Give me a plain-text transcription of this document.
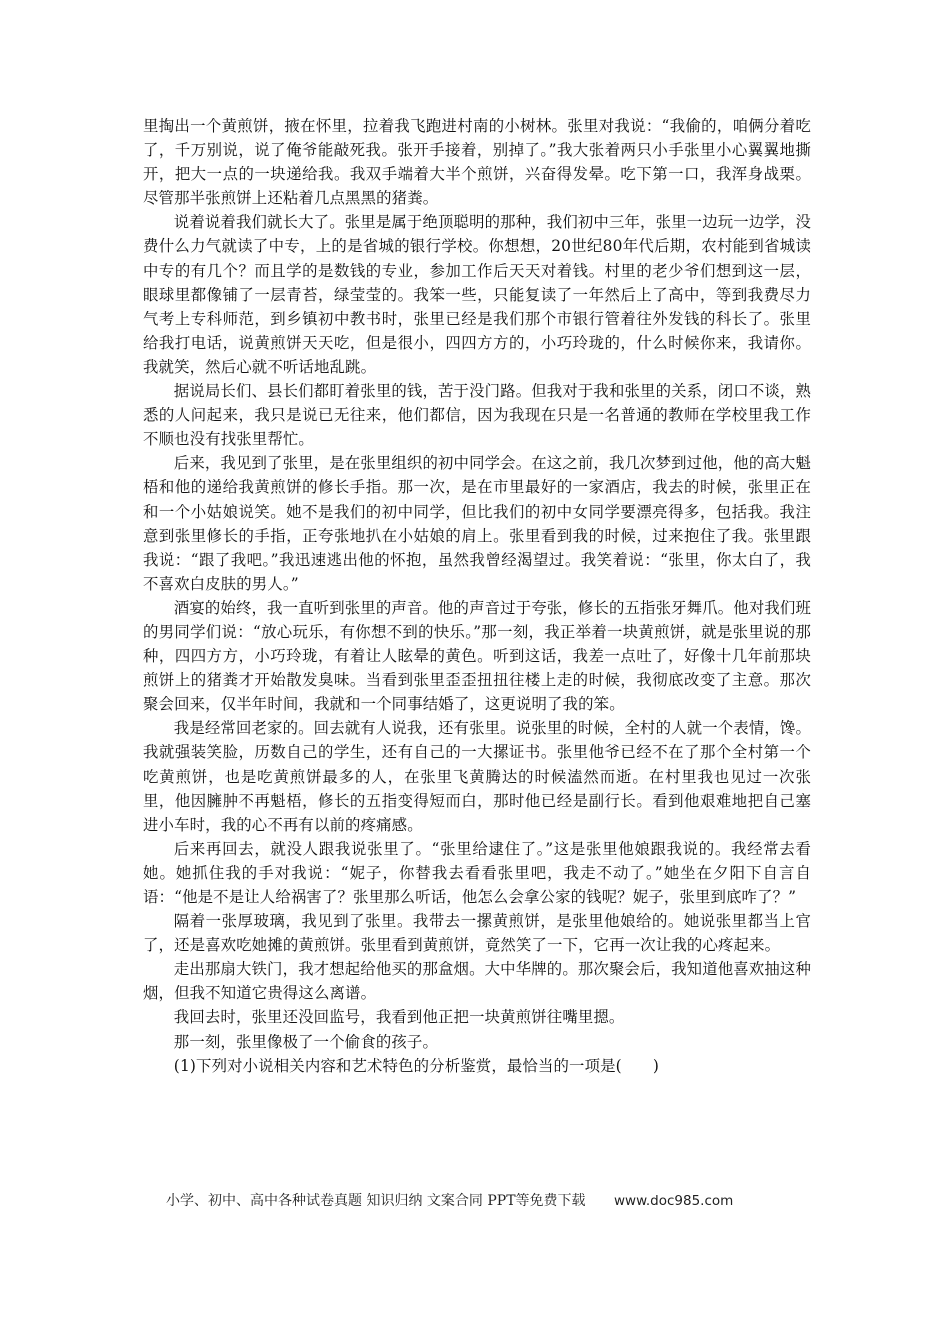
里掏出一个黄煎饼，掖在怀里，拉着我飞跑进村南的小树林。张里对我说：“我偷的，咱俩分着吃了，千万别说，说了俺爷能敲死我。张开手接着，别掉了。”我大张着两只小手张里小心翼翼地撕开，把大一点的一块递给我。我双手端着大半个煎饼，兴奋得发晕。吃下第一口，我浑身战栗。尽管那半张煎饼上还粘着几点黑黑的猪粪。

说着说着我们就长大了。张里是属于绝顶聪明的那种，我们初中三年，张里一边玩一边学，没费什么力气就读了中专，上的是省城的银行学校。你想想，20世纪80年代后期，农村能到省城读中专的有几个？而且学的是数钱的专业，参加工作后天天对着钱。村里的老少爷们想到这一层，眼球里都像铺了一层青苔，绿莹莹的。我笨一些，只能复读了一年然后上了高中，等到我费尽力气考上专科师范，到乡镇初中教书时，张里已经是我们那个市银行管着往外发钱的科长了。张里给我打电话，说黄煎饼天天吃，但是很小，四四方方的，小巧玲珑的，什么时候你来，我请你。我就笑，然后心就不听话地乱跳。

据说局长们、县长们都盯着张里的钱，苦于没门路。但我对于我和张里的关系，闭口不谈，熟悉的人问起来，我只是说已无往来，他们都信，因为我现在只是一名普通的教师在学校里我工作不顺也没有找张里帮忙。

后来，我见到了张里，是在张里组织的初中同学会。在这之前，我几次梦到过他，他的高大魁梧和他的递给我黄煎饼的修长手指。那一次，是在市里最好的一家酒店，我去的时候，张里正在和一个小姑娘说笑。她不是我们的初中同学，但比我们的初中女同学要漂亮得多，包括我。我注意到张里修长的手指，正夸张地扒在小姑娘的肩上。张里看到我的时候，过来抱住了我。张里跟我说：“跟了我吧。”我迅速逃出他的怀抱，虽然我曾经渴望过。我笑着说：“张里，你太白了，我不喜欢白皮肤的男人。”

酒宴的始终，我一直听到张里的声音。他的声音过于夸张，修长的五指张牙舞爪。他对我们班的男同学们说：“放心玩乐，有你想不到的快乐。”那一刻，我正举着一块黄煎饼，就是张里说的那种，四四方方，小巧玲珑，有着让人眩晕的黄色。听到这话，我差一点吐了，好像十几年前那块煎饼上的猪粪才开始散发臭味。当看到张里歪歪扭扭往楼上走的时候，我彻底改变了主意。那次聚会回来，仅半年时间，我就和一个同事结婚了，这更说明了我的笨。

我是经常回老家的。回去就有人说我，还有张里。说张里的时候，全村的人就一个表情，馋。我就强装笑脸，历数自己的学生，还有自己的一大摞证书。张里他爷已经不在了那个全村第一个吃黄煎饼，也是吃黄煎饼最多的人，在张里飞黄腾达的时候溘然而逝。在村里我也见过一次张里，他因臃肿不再魁梧，修长的五指变得短而白，那时他已经是副行长。看到他艰难地把自己塞进小车时，我的心不再有以前的疼痛感。

后来再回去，就没人跟我说张里了。“张里给逮住了。”这是张里他娘跟我说的。我经常去看她。她抓住我的手对我说：“妮子，你替我去看看张里吧，我走不动了。”她坐在夕阳下自言自语：“他是不是让人给祸害了？张里那么听话，他怎么会拿公家的钱呢？妮子，张里到底咋了？”

隔着一张厚玻璃，我见到了张里。我带去一摞黄煎饼，是张里他娘给的。她说张里都当上官了，还是喜欢吃她摊的黄煎饼。张里看到黄煎饼，竟然笑了一下，它再一次让我的心疼起来。

走出那扇大铁门，我才想起给他买的那盒烟。大中华牌的。那次聚会后，我知道他喜欢抽这种烟，但我不知道它贵得这么离谱。

我回去时，张里还没回监号，我看到他正把一块黄煎饼往嘴里摁。

那一刻，张里像极了一个偷食的孩子。

(1)下列对小说相关内容和艺术特色的分析鉴赏，最恰当的一项是(　　)

小学、初中、高中各种试卷真题 知识归纳 文案合同 PPT等免费下载 www.doc985.com
